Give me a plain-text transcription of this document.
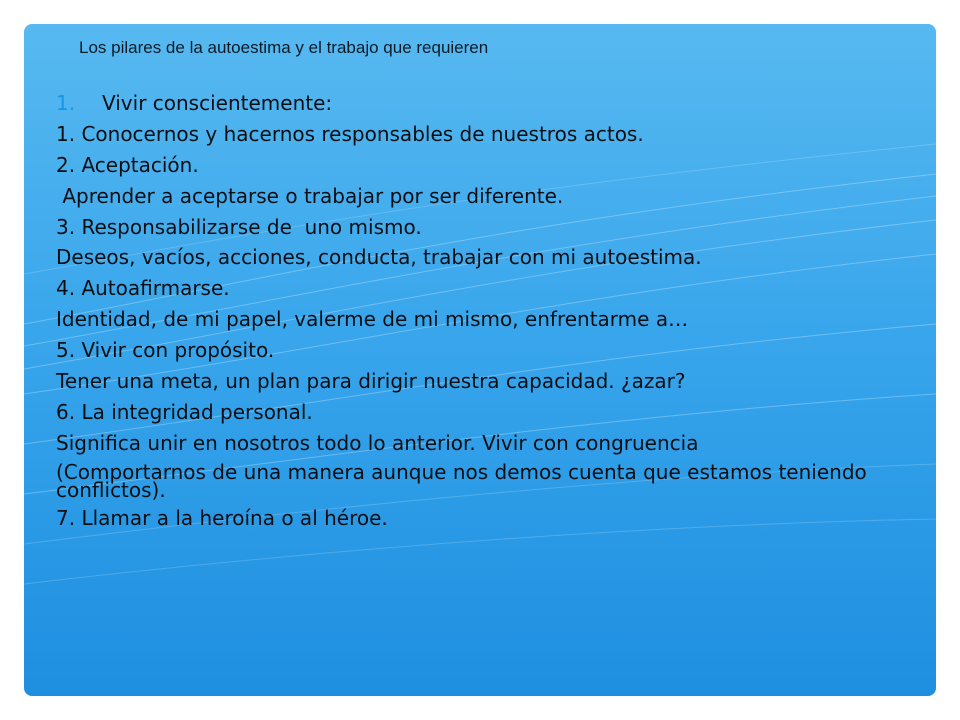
Los pilares de la autoestima y el trabajo que requieren

1. Vivir conscientemente:

1. Conocernos y hacernos responsables de nuestros actos.

2. Aceptación.

Aprender a aceptarse o trabajar por ser diferente.

3. Responsabilizarse de  uno mismo.

Deseos, vacíos, acciones, conducta, trabajar con mi autoestima.

4. Autoafirmarse.

Identidad, de mi papel, valerme de mi mismo, enfrentarme a…

5. Vivir con propósito.

Tener una meta, un plan para dirigir nuestra capacidad. ¿azar?

6. La integridad personal.

Significa unir en nosotros todo lo anterior. Vivir con congruencia

(Comportarnos de una manera aunque nos demos cuenta que estamos teniendo conflictos).

7. Llamar a la heroína o al héroe.
